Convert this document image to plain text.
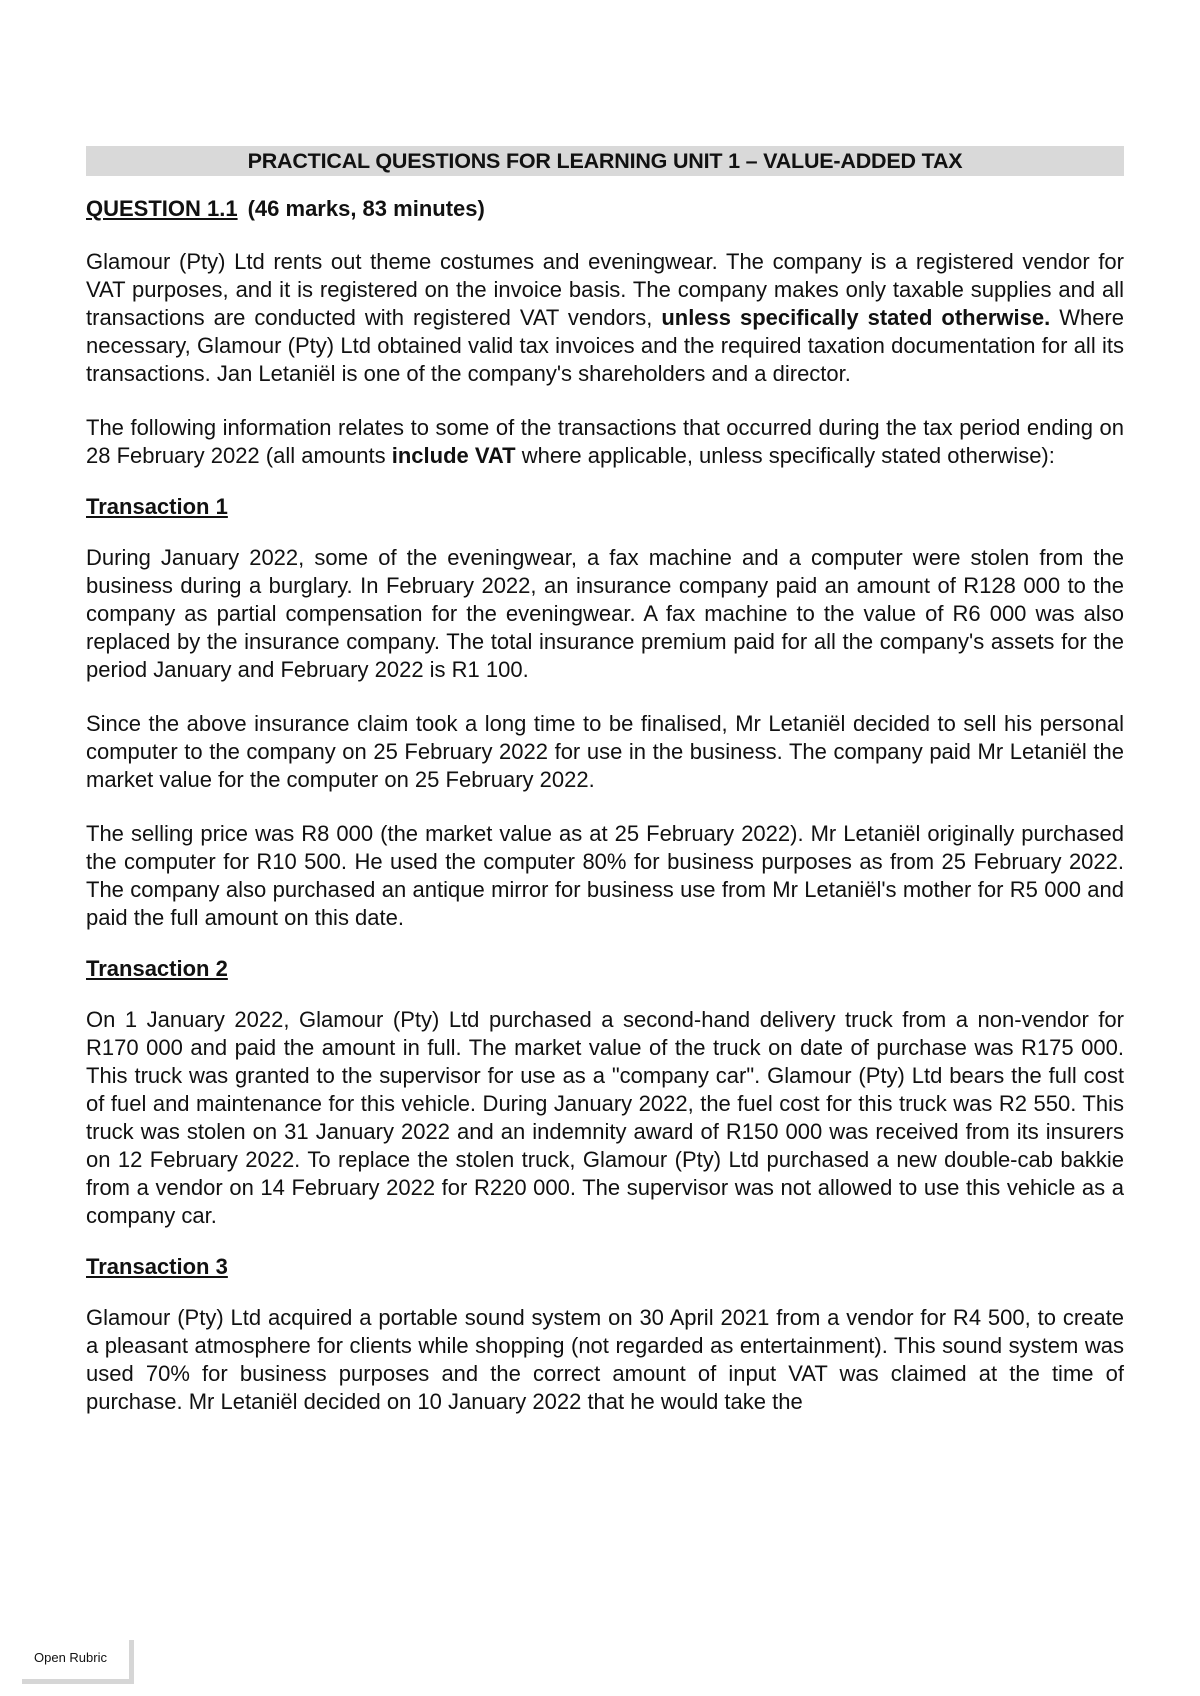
PRACTICAL QUESTIONS FOR LEARNING UNIT 1 – VALUE-ADDED TAX
QUESTION 1.1 (46 marks, 83 minutes)

Glamour (Pty) Ltd rents out theme costumes and eveningwear. The company is a registered vendor for VAT purposes, and it is registered on the invoice basis. The company makes only taxable supplies and all transactions are conducted with registered VAT vendors, unless specifically stated otherwise. Where necessary, Glamour (Pty) Ltd obtained valid tax invoices and the required taxation documentation for all its transactions. Jan Letaniël is one of the company's shareholders and a director.

The following information relates to some of the transactions that occurred during the tax period ending on 28 February 2022 (all amounts include VAT where applicable, unless specifically stated otherwise):

Transaction 1

During January 2022, some of the eveningwear, a fax machine and a computer were stolen from the business during a burglary. In February 2022, an insurance company paid an amount of R128 000 to the company as partial compensation for the eveningwear. A fax machine to the value of R6 000 was also replaced by the insurance company. The total insurance premium paid for all the company's assets for the period January and February 2022 is R1 100.

Since the above insurance claim took a long time to be finalised, Mr Letaniël decided to sell his personal computer to the company on 25 February 2022 for use in the business. The company paid Mr Letaniël the market value for the computer on 25 February 2022.

The selling price was R8 000 (the market value as at 25 February 2022). Mr Letaniël originally purchased the computer for R10 500. He used the computer 80% for business purposes as from 25 February 2022. The company also purchased an antique mirror for business use from Mr Letaniël's mother for R5 000 and paid the full amount on this date.

Transaction 2

On 1 January 2022, Glamour (Pty) Ltd purchased a second-hand delivery truck from a non-vendor for R170 000 and paid the amount in full. The market value of the truck on date of purchase was R175 000. This truck was granted to the supervisor for use as a "company car". Glamour (Pty) Ltd bears the full cost of fuel and maintenance for this vehicle. During January 2022, the fuel cost for this truck was R2 550. This truck was stolen on 31 January 2022 and an indemnity award of R150 000 was received from its insurers on 12 February 2022. To replace the stolen truck, Glamour (Pty) Ltd purchased a new double-cab bakkie from a vendor on 14 February 2022 for R220 000. The supervisor was not allowed to use this vehicle as a company car.

Transaction 3

Glamour (Pty) Ltd acquired a portable sound system on 30 April 2021 from a vendor for R4 500, to create a pleasant atmosphere for clients while shopping (not regarded as entertainment). This sound system was used 70% for business purposes and the correct amount of input VAT was claimed at the time of purchase. Mr Letaniël decided on 10 January 2022 that he would take the

Open Rubric
